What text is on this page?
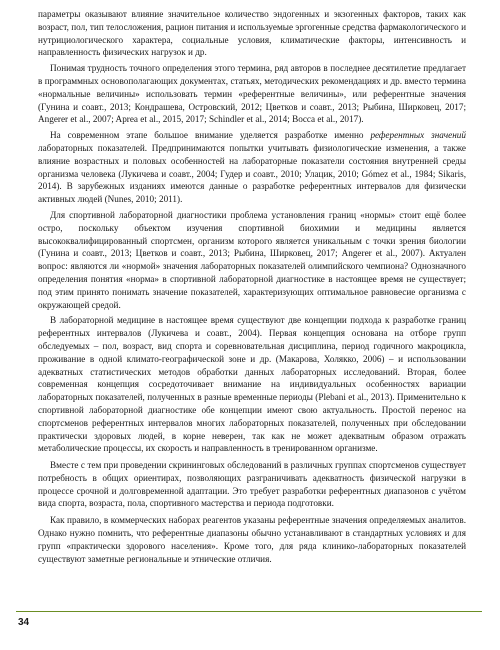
параметры оказывают влияние значительное количество эндогенных и экзогенных факторов, таких как возраст, пол, тип телосложения, рацион питания и используемые эргогенные средства фармакологического и нутрициологического характера, социальные условия, климатические факторы, интенсивность и направленность физических нагрузок и др.

Понимая трудность точного определения этого термина, ряд авторов в последнее десятилетие предлагает в программных основополагающих документах, статьях, методических рекомендациях и др. вместо термина «нормальные величины» использовать термин «референтные величины», или референтные значения (Гунина и соавт., 2013; Кондрашева, Островский, 2012; Цветков и соавт., 2013; Рыбина, Ширковец, 2017; Angerer et al., 2007; Aprea et al., 2015, 2017; Schindler et al., 2014; Bocca et al., 2017).

На современном этапе большое внимание уделяется разработке именно референтных значений лабораторных показателей. Предпринимаются попытки учитывать физиологические изменения, а также влияние возрастных и половых особенностей на лабораторные показатели состояния внутренней среды организма человека (Лукичева и соавт., 2004; Гудер и соавт., 2010; Улацик, 2010; Gómez et al., 1984; Sikaris, 2014). В зарубежных изданиях имеются данные о разработке референтных интервалов для физически активных людей (Nunes, 2010; 2011).

Для спортивной лабораторной диагностики проблема установления границ «нормы» стоит ещё более остро, поскольку объектом изучения спортивной биохимии и медицины является высококвалифицированный спортсмен, организм которого является уникальным с точки зрения биологии (Гунина и соавт., 2013; Цветков и соавт., 2013; Рыбина, Ширковец, 2017; Angerer et al., 2007). Актуален вопрос: являются ли «нормой» значения лабораторных показателей олимпийского чемпиона? Однозначного определения понятия «норма» в спортивной лабораторной диагностике в настоящее время не существует; под этим принято понимать значение показателей, характеризующих оптимальное равновесие организма с окружающей средой.

В лабораторной медицине в настоящее время существуют две концепции подхода к разработке границ референтных интервалов (Лукичева и соавт., 2004). Первая концепция основана на отборе групп обследуемых – пол, возраст, вид спорта и соревновательная дисциплина, период годичного макроцикла, проживание в одной климато-географической зоне и др. (Макарова, Холякко, 2006) – и использовании адекватных статистических методов обработки данных лабораторных исследований. Вторая, более современная концепция сосредоточивает внимание на индивидуальных особенностях вариации лабораторных показателей, полученных в разные временные периоды (Plebani et al., 2013). Применительно к спортивной лабораторной диагностике обе концепции имеют свою актуальность. Простой перенос на спортсменов референтных интервалов многих лабораторных показателей, полученных при обследовании практически здоровых людей, в корне неверен, так как не может адекватным образом отражать метаболические процессы, их скорость и направленность в тренированном организме.

Вместе с тем при проведении скрининговых обследований в различных группах спортсменов существует потребность в общих ориентирах, позволяющих разграничивать адекватность физической нагрузки в процессе срочной и долговременной адаптации. Это требует разработки референтных диапазонов с учётом вида спорта, возраста, пола, спортивного мастерства и периода подготовки.

Как правило, в коммерческих наборах реагентов указаны референтные значения определяемых аналитов. Однако нужно помнить, что референтные диапазоны обычно устанавливают в стандартных условиях и для групп «практически здорового населения». Кроме того, для ряда клинико-лабораторных показателей существуют заметные региональные и этнические отличия.

34
